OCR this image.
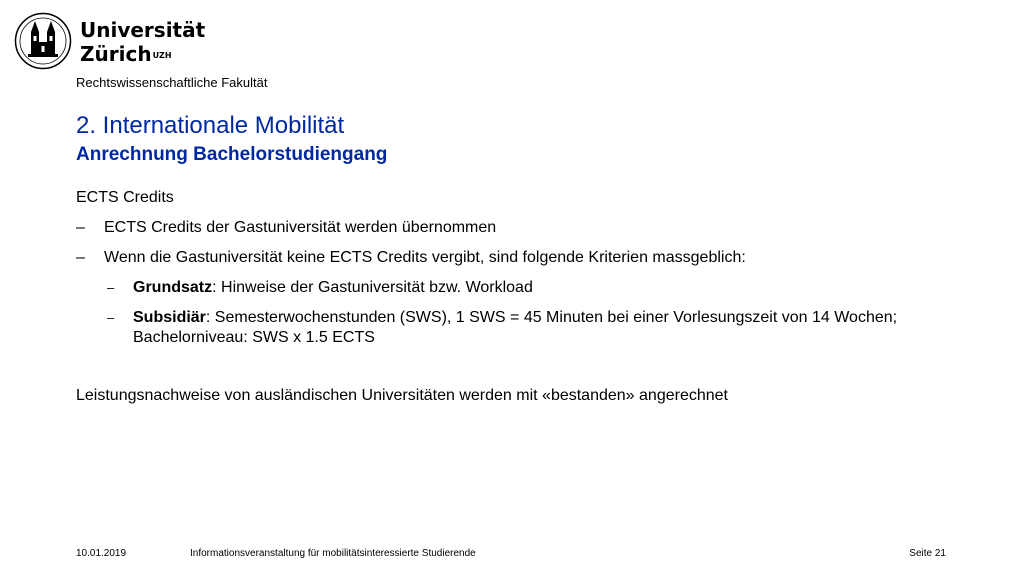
Universität
Zürich$^{UZH}$
Rechtswissenschaftliche Fakultät
2. Internationale Mobilität
Anrechnung Bachelorstudiengang
ECTS Credits
– ECTS Credits der Gastuniversität werden übernommen
– Wenn die Gastuniversität keine ECTS Credits vergibt, sind folgende Kriterien massgeblich:
– Grundsatz: Hinweise der Gastuniversität bzw. Workload
– Subsidiär: Semesterwochenstunden (SWS), 1 SWS = 45 Minuten bei einer Vorlesungszeit von 14 Wochen; Bachelorniveau: SWS x 1.5 ECTS
Leistungsnachweise von ausländischen Universitäten werden mit «bestanden» angerechnet
10.01.2019	Informationsveranstaltung für mobilitätsinteressierte Studierende	Seite 21
